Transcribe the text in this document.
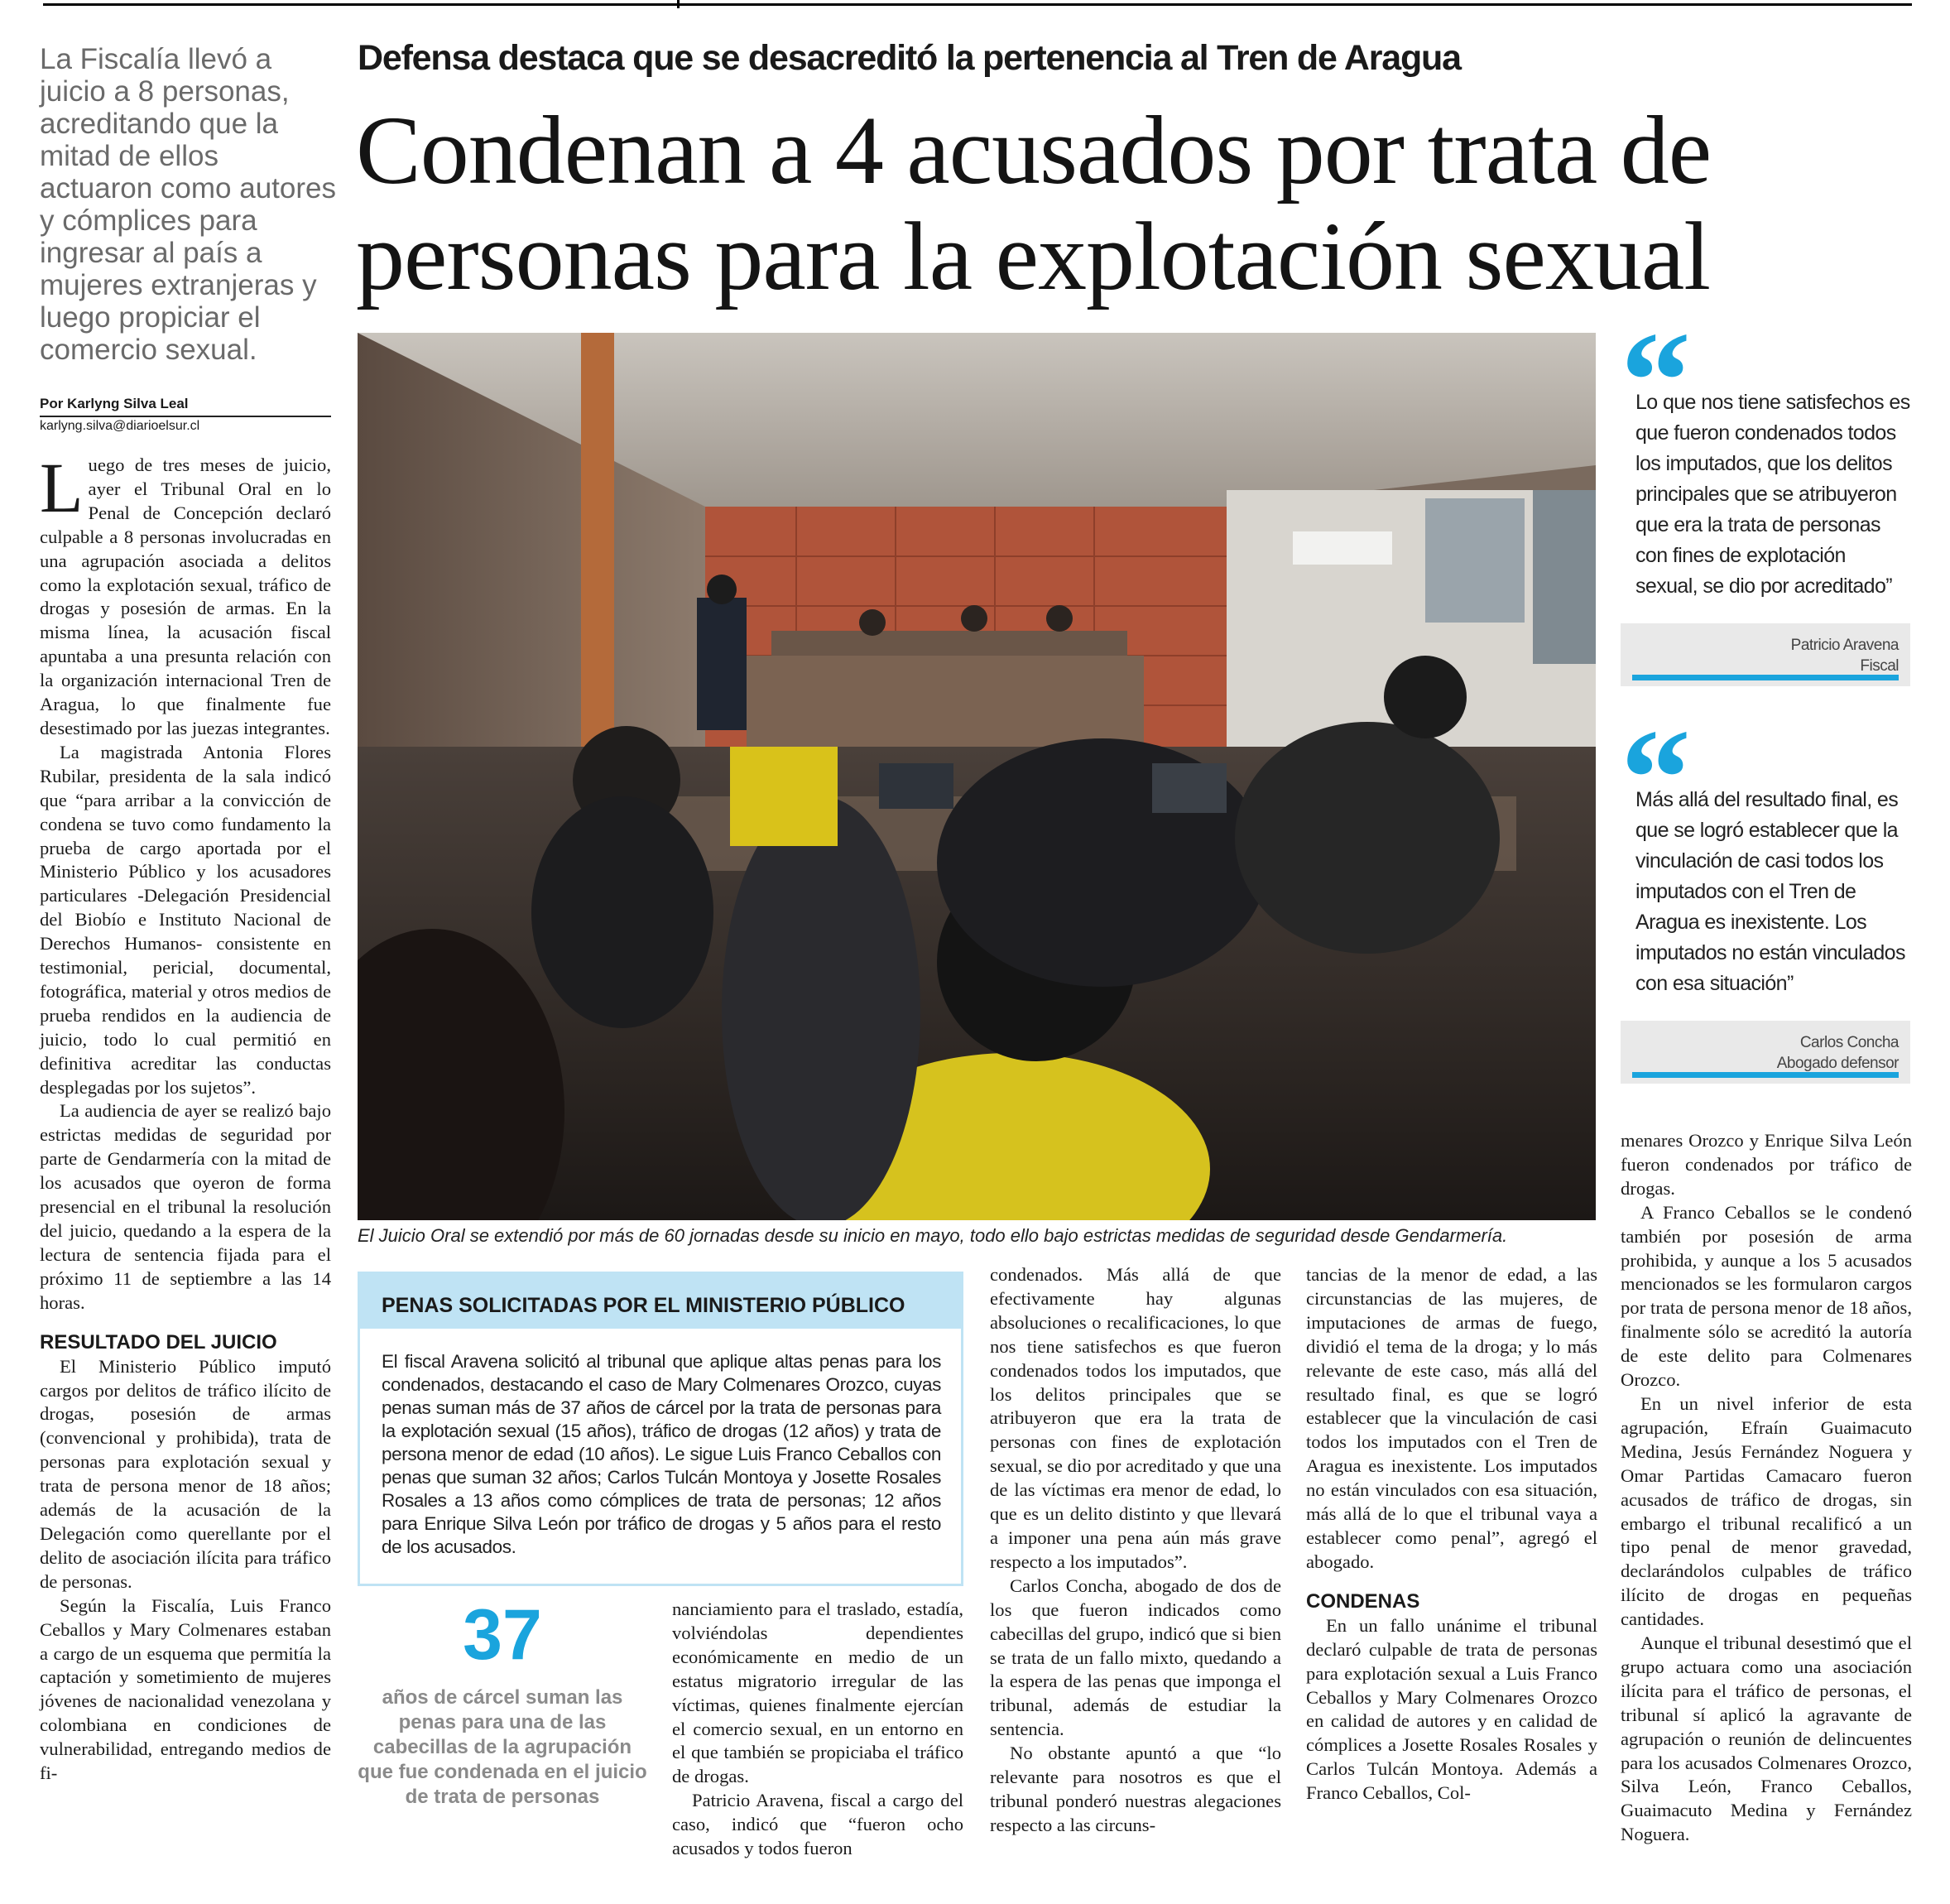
La Fiscalía llevó a juicio a 8 personas, acreditando que la mitad de ellos actuaron como autores y cómplices para ingresar al país a mujeres extranjeras y luego propiciar el comercio sexual.
Por Karlyng Silva Leal
karlyng.silva@diarioelsur.cl

Luego de tres meses de juicio, ayer el Tribunal Oral en lo Penal de Concepción declaró culpable a 8 personas involucradas en una agrupación asociada a delitos como la explotación sexual, tráfico de drogas y posesión de armas. En la misma línea, la acusación fiscal apuntaba a una presunta relación con la organización internacional Tren de Aragua, lo que finalmente fue desestimado por las juezas integrantes.

La magistrada Antonia Flores Rubilar, presidenta de la sala indicó que “para arribar a la convicción de condena se tuvo como fundamento la prueba de cargo aportada por el Ministerio Público y los acusadores particulares -Delegación Presidencial del Biobío e Instituto Nacional de Derechos Humanos- consistente en testimonial, pericial, documental, fotográfica, material y otros medios de prueba rendidos en la audiencia de juicio, todo lo cual permitió en definitiva acreditar las conductas desplegadas por los sujetos”.

La audiencia de ayer se realizó bajo estrictas medidas de seguridad por parte de Gendarmería con la mitad de los acusados que oyeron de forma presencial en el tribunal la resolución del juicio, quedando a la espera de la lectura de sentencia fijada para el próximo 11 de septiembre a las 14 horas.

RESULTADO DEL JUICIO

El Ministerio Público imputó cargos por delitos de tráfico ilícito de drogas, posesión de armas (convencional y prohibida), trata de personas para explotación sexual y trata de persona menor de 18 años; además de la acusación de la Delegación como querellante por el delito de asociación ilícita para tráfico de personas.

Según la Fiscalía, Luis Franco Ceballos y Mary Colmenares estaban a cargo de un esquema que permitía la captación y sometimiento de mujeres jóvenes de nacionalidad venezolana y colombiana en condiciones de vulnerabilidad, entregando medios de fi-

Defensa destaca que se desacreditó la pertenencia al Tren de Aragua
Condenan a 4 acusados por trata de personas para la explotación sexual
El Juicio Oral se extendió por más de 60 jornadas desde su inicio en mayo, todo ello bajo estrictas medidas de seguridad desde Gendarmería.
“
Lo que nos tiene satisfechos es que fueron condenados todos los imputados, que los delitos principales que se atribuyeron que era la trata de personas con fines de explotación sexual, se dio por acreditado”
Patricio Aravena
Fiscal
“
Más allá del resultado final, es que se logró establecer que la vinculación de casi todos los imputados con el Tren de Aragua es inexistente. Los imputados no están vinculados con esa situación”
Carlos Concha
Abogado defensor
PENAS SOLICITADAS POR EL MINISTERIO PÚBLICO
El fiscal Aravena solicitó al tribunal que aplique altas penas para los condenados, destacando el caso de Mary Colmenares Orozco, cuyas penas suman más de 37 años de cárcel por la trata de personas para la explotación sexual (15 años), tráfico de drogas (12 años) y trata de persona menor de edad (10 años). Le sigue Luis Franco Ceballos con penas que suman 32 años; Carlos Tulcán Montoya y Josette Rosales Rosales a 13 años como cómplices de trata de personas; 12 años para Enrique Silva León por tráfico de drogas y 5 años para el resto de los acusados.
37
años de cárcel suman las penas para una de las cabecillas de la agrupación que fue condenada en el juicio de trata de personas

nanciamiento para el traslado, estadía, volviéndolas dependientes económicamente en medio de un estatus migratorio irregular de las víctimas, quienes finalmente ejercían el comercio sexual, en un entorno en el que también se propiciaba el tráfico de drogas.

Patricio Aravena, fiscal a cargo del caso, indicó que “fueron ocho acusados y todos fueron

condenados. Más allá de que efectivamente hay algunas absoluciones o recalificaciones, lo que nos tiene satisfechos es que fueron condenados todos los imputados, que los delitos principales que se atribuyeron que era la trata de personas con fines de explotación sexual, se dio por acreditado y que una de las víctimas era menor de edad, lo que es un delito distinto y que llevará a imponer una pena aún más grave respecto a los imputados”.

Carlos Concha, abogado de dos de los que fueron indicados como cabecillas del grupo, indicó que si bien se trata de un fallo mixto, quedando a la espera de las penas que imponga el tribunal, además de estudiar la sentencia.

No obstante apuntó a que “lo relevante para nosotros es que el tribunal ponderó nuestras alegaciones respecto a las circuns-

tancias de la menor de edad, a las circunstancias de las mujeres, de imputaciones de armas de fuego, dividió el tema de la droga; y lo más relevante de este caso, más allá del resultado final, es que se logró establecer que la vinculación de casi todos los imputados con el Tren de Aragua es inexistente. Los imputados no están vinculados con esa situación, más allá de lo que el tribunal vaya a establecer como penal”, agregó el abogado.

CONDENAS

En un fallo unánime el tribunal declaró culpable de trata de personas para explotación sexual a Luis Franco Ceballos y Mary Colmenares Orozco en calidad de autores y en calidad de cómplices a Josette Rosales Rosales y Carlos Tulcán Montoya. Además a Franco Ceballos, Col-

menares Orozco y Enrique Silva León fueron condenados por tráfico de drogas.

A Franco Ceballos se le condenó también por posesión de arma prohibida, y aunque a los 5 acusados mencionados se les formularon cargos por trata de persona menor de 18 años, finalmente sólo se acreditó la autoría de este delito para Colmenares Orozco.

En un nivel inferior de esta agrupación, Efraín Guaimacuto Medina, Jesús Fernández Noguera y Omar Partidas Camacaro fueron acusados de tráfico de drogas, sin embargo el tribunal recalificó a un tipo penal de menor gravedad, declarándolos culpables de tráfico ilícito de drogas en pequeñas cantidades.

Aunque el tribunal desestimó que el grupo actuara como una asociación ilícita para el tráfico de personas, el tribunal sí aplicó la agravante de agrupación o reunión de delincuentes para los acusados Colmenares Orozco, Silva León, Franco Ceballos, Guaimacuto Medina y Fernández Noguera.
